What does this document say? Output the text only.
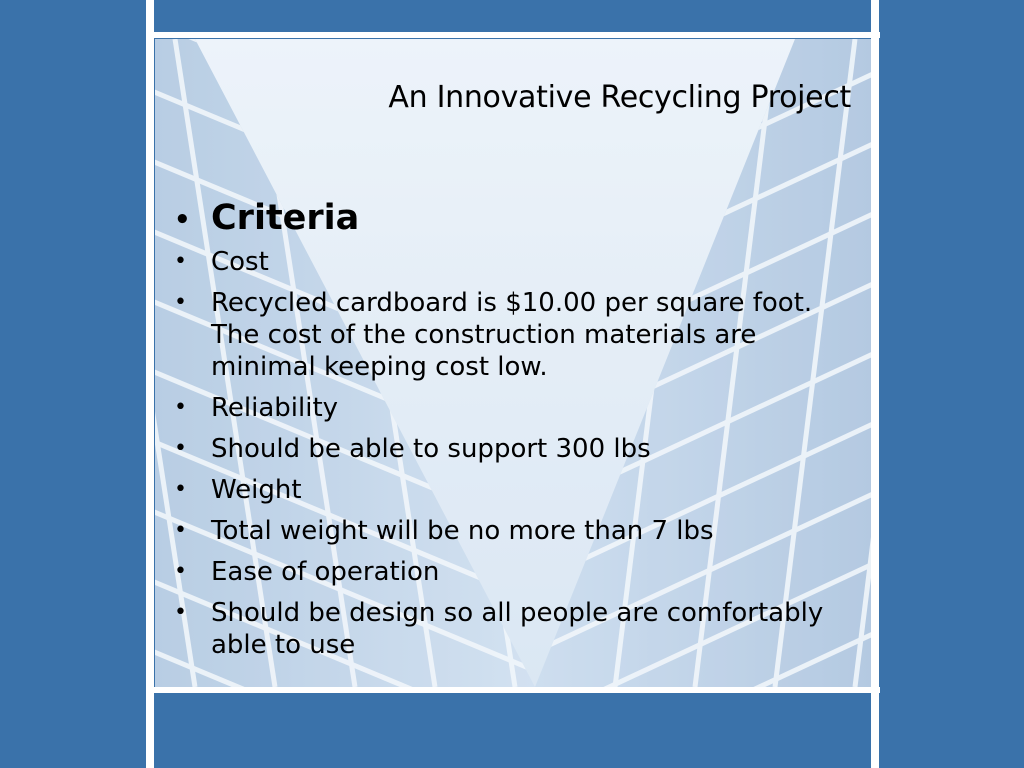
An Innovative Recycling Project
• Criteria
• Cost
• Recycled cardboard is $10.00 per square foot. The cost of the construction materials are minimal keeping cost low.
• Reliability
• Should be able to support 300 lbs
• Weight
• Total weight will be no more than 7 lbs
• Ease of operation
• Should be design so all people are comfortably able to use
